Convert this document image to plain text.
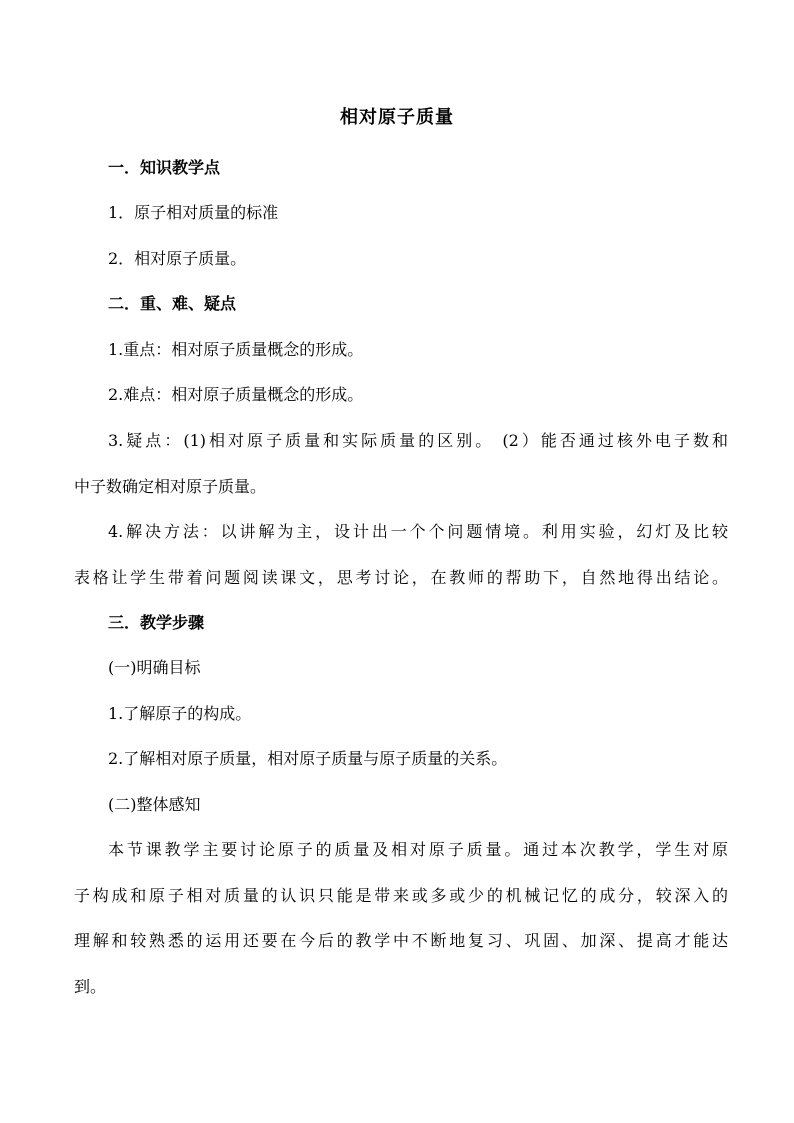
相对原子质量
一．知识教学点
1．原子相对质量的标准
2．相对原子质量。
二．重、难、疑点
1.重点：相对原子质量概念的形成。
2.难点：相对原子质量概念的形成。
3.疑点：(1)相对原子质量和实际质量的区别。 (2）能否通过核外电子数和
中子数确定相对原子质量。
4.解决方法：以讲解为主，设计出一个个问题情境。利用实验，幻灯及比较
表格让学生带着问题阅读课文，思考讨论，在教师的帮助下，自然地得出结论。
三．教学步骤
(一)明确目标
1.了解原子的构成。
2.了解相对原子质量，相对原子质量与原子质量的关系。
(二)整体感知
本节课教学主要讨论原子的质量及相对原子质量。通过本次教学，学生对原
子构成和原子相对质量的认识只能是带来或多或少的机械记忆的成分，较深入的
理解和较熟悉的运用还要在今后的教学中不断地复习、巩固、加深、提高才能达
到。
